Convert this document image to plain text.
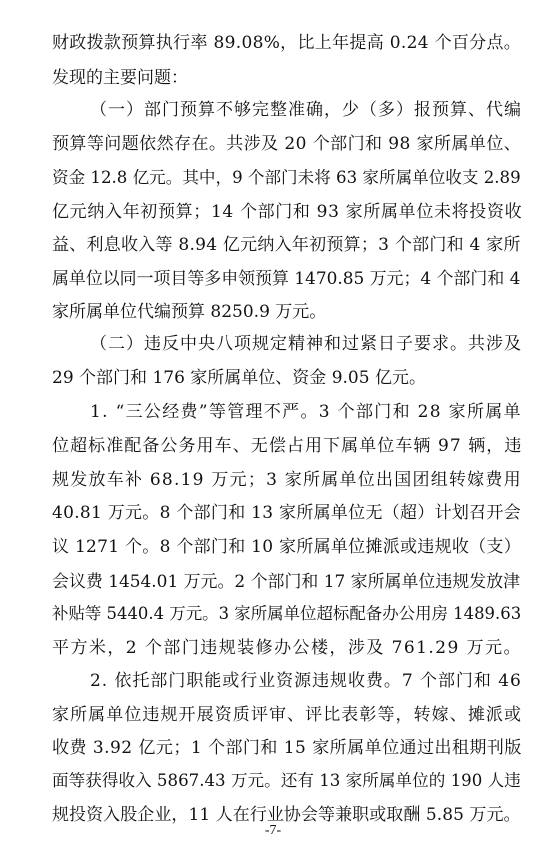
财政拨款预算执行率 89.08%，比上年提高 0.24 个百分点。
发现的主要问题：
（一）部门预算不够完整准确，少（多）报预算、代编
预算等问题依然存在。共涉及 20 个部门和 98 家所属单位、
资金 12.8 亿元。其中，9 个部门未将 63 家所属单位收支 2.89
亿元纳入年初预算；14 个部门和 93 家所属单位未将投资收
益、利息收入等 8.94 亿元纳入年初预算；3 个部门和 4 家所
属单位以同一项目等多申领预算 1470.85 万元；4 个部门和 4
家所属单位代编预算 8250.9 万元。
（二）违反中央八项规定精神和过紧日子要求。共涉及
29 个部门和 176 家所属单位、资金 9.05 亿元。
1. “三公经费”等管理不严。3 个部门和 28 家所属单
位超标准配备公务用车、无偿占用下属单位车辆 97 辆，违
规发放车补 68.19 万元；3 家所属单位出国团组转嫁费用
40.81 万元。8 个部门和 13 家所属单位无（超）计划召开会
议 1271 个。8 个部门和 10 家所属单位摊派或违规收（支）
会议费 1454.01 万元。2 个部门和 17 家所属单位违规发放津
补贴等 5440.4 万元。3 家所属单位超标配备办公用房 1489.63
平方米，2 个部门违规装修办公楼，涉及 761.29 万元。
2. 依托部门职能或行业资源违规收费。7 个部门和 46
家所属单位违规开展资质评审、评比表彰等，转嫁、摊派或
收费 3.92 亿元；1 个部门和 15 家所属单位通过出租期刊版
面等获得收入 5867.43 万元。还有 13 家所属单位的 190 人违
规投资入股企业，11 人在行业协会等兼职或取酬 5.85 万元。
-7-
